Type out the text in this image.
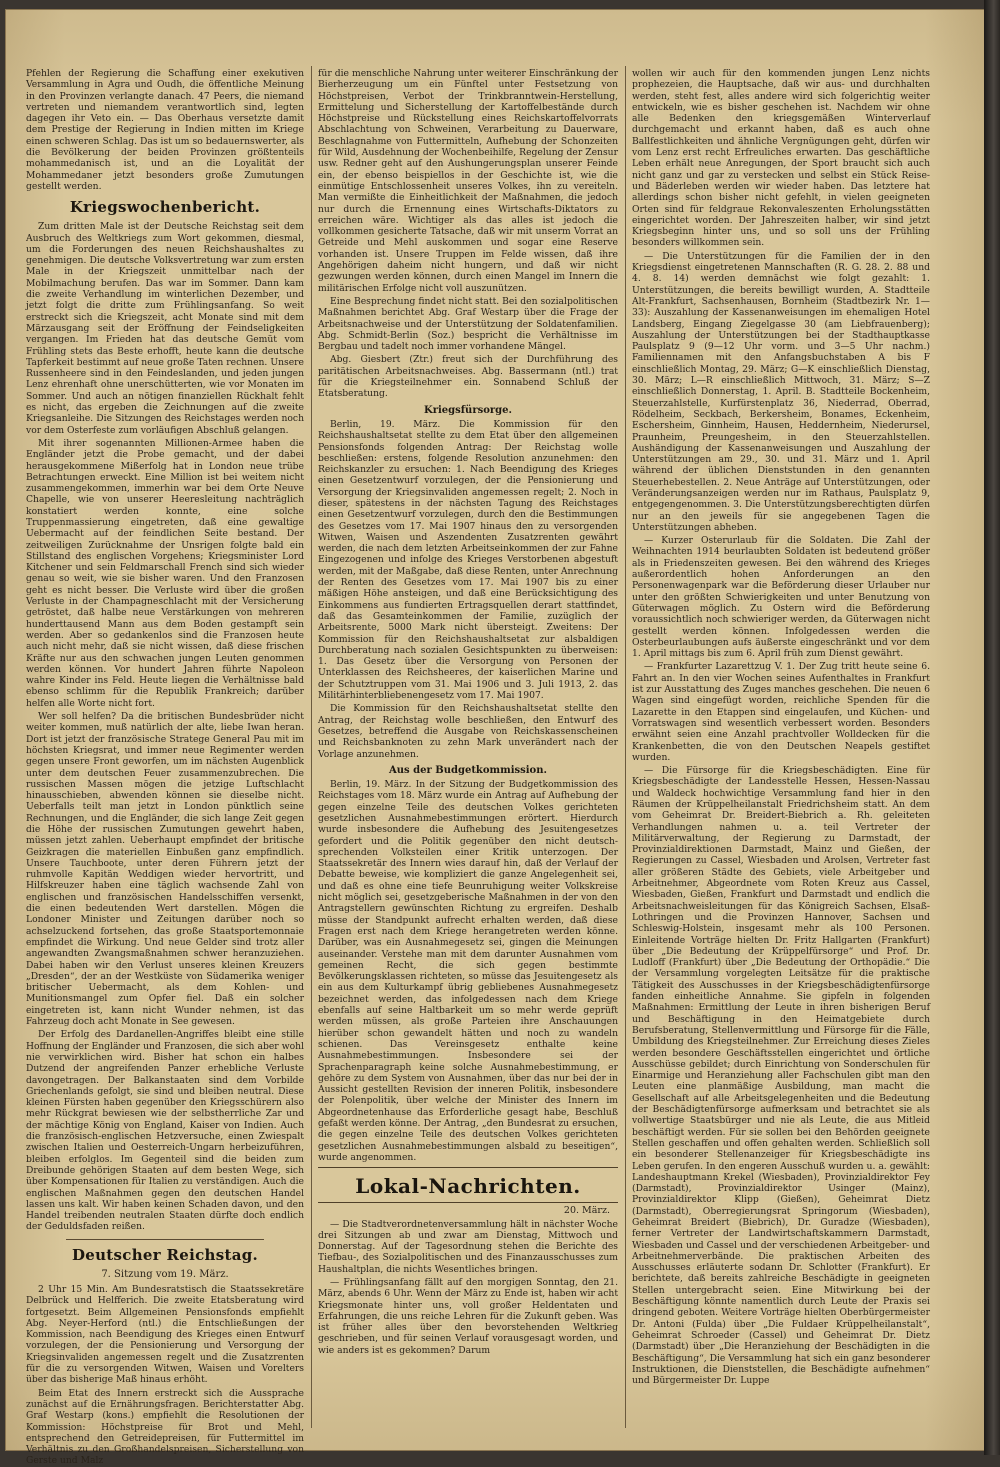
Pfehlen der Regierung die Schaffung einer exekutiven Versammlung in Agra und Oudh, die öffentliche Meinung in den Provinzen verlangte danach. 47 Peers, die niemand vertreten und niemandem verantwortlich sind, legten dagegen ihr Veto ein. — Das Oberhaus versetzte damit dem Prestige der Regierung in Indien mitten im Kriege einen schweren Schlag. Das ist um so bedauernswerter, als die Bevölkerung der beiden Provinzen größtenteils mohammedanisch ist, und an die Loyalität der Mohammedaner jetzt besonders große Zumutungen gestellt werden.

Kriegswochenbericht.

Zum dritten Male ist der Deutsche Reichstag seit dem Ausbruch des Weltkriegs zum Wort gekommen, diesmal, um die Forderungen des neuen Reichshaushaltes zu genehmigen. Die deutsche Volksvertretung war zum ersten Male in der Kriegszeit unmittelbar nach der Mobilmachung berufen. Das war im Sommer. Dann kam die zweite Verhandlung im winterlichen Dezember, und jetzt folgt die dritte zum Frühlingsanfang. So weit erstreckt sich die Kriegszeit, acht Monate sind mit dem Märzausgang seit der Eröffnung der Feindseligkeiten vergangen. Im Frieden hat das deutsche Gemüt vom Frühling stets das Beste erhofft, heute kann die deutsche Tapferkeit bestimmt auf neue große Taten rechnen. Unsere Russenheere sind in den Feindeslanden, und jeden jungen Lenz ehrenhaft ohne unerschütterten, wie vor Monaten im Sommer. Und auch an nötigen finanziellen Rückhalt fehlt es nicht, das ergeben die Zeichnungen auf die zweite Kriegsanleihe. Die Sitzungen des Reichstages werden noch vor dem Osterfeste zum vorläufigen Abschluß gelangen.

Mit ihrer sogenannten Millionen-Armee haben die Engländer jetzt die Probe gemacht, und der dabei herausgekommene Mißerfolg hat in London neue trübe Betrachtungen erweckt. Eine Million ist bei weitem nicht zusammengekommen, immerhin war bei dem Orte Neuve Chapelle, wie von unserer Heeresleitung nachträglich konstatiert werden konnte, eine solche Truppenmassierung eingetreten, daß eine gewaltige Uebermacht auf der feindlichen Seite bestand. Der zeitweiligen Zurücknahme der Unsrigen folgte bald ein Stillstand des englischen Vorgehens; Kriegsminister Lord Kitchener und sein Feldmarschall French sind sich wieder genau so weit, wie sie bisher waren. Und den Franzosen geht es nicht besser. Die Verluste wird über die großen Verluste in der Champagneschlacht mit der Versicherung getröstet, daß halbe neue Verstärkungen von mehreren hunderttausend Mann aus dem Boden gestampft sein werden. Aber so gedankenlos sind die Franzosen heute auch nicht mehr, daß sie nicht wissen, daß diese frischen Kräfte nur aus den schwachen jungen Leuten genommen werden können. Vor hundert Jahren führte Napoleon wahre Kinder ins Feld. Heute liegen die Verhältnisse bald ebenso schlimm für die Republik Frankreich; darüber helfen alle Worte nicht fort.

Wer soll helfen? Da die britischen Bundesbrüder nicht weiter kommen, muß natürlich der alte, liebe Iwan heran. Dort ist jetzt der französische Stratege General Pau mit im höchsten Kriegsrat, und immer neue Regimenter werden gegen unsere Front geworfen, um im nächsten Augenblick unter dem deutschen Feuer zusammenzubrechen. Die russischen Massen mögen die jetzige Luftschlacht hinausschieben, abwenden können sie dieselbe nicht. Ueberfalls teilt man jetzt in London pünktlich seine Rechnungen, und die Engländer, die sich lange Zeit gegen die Höhe der russischen Zumutungen gewehrt haben, müssen jetzt zahlen. Ueberhaupt empfindet der britische Geizkragen die materiellen Einbußen ganz empfindlich. Unsere Tauchboote, unter deren Führern jetzt der ruhmvolle Kapitän Weddigen wieder hervortritt, und Hilfskreuzer haben eine täglich wachsende Zahl von englischen und französischen Handelsschiffen versenkt, die einen bedeutenden Wert darstellen. Mögen die Londoner Minister und Zeitungen darüber noch so achselzuckend fortsehen, das große Staatsportemonnaie empfindet die Wirkung. Und neue Gelder sind trotz aller angewandten Zwangsmaßnahmen schwer heranzuziehen. Dabei haben wir den Verlust unseres kleinen Kreuzers „Dresden“, der an der Westküste von Südamerika weniger britischer Uebermacht, als dem Kohlen- und Munitionsmangel zum Opfer fiel. Daß ein solcher eingetreten ist, kann nicht Wunder nehmen, ist das Fahrzeug doch acht Monate in See gewesen.

Der Erfolg des Dardanellen-Angriffes bleibt eine stille Hoffnung der Engländer und Franzosen, die sich aber wohl nie verwirklichen wird. Bisher hat schon ein halbes Dutzend der angreifenden Panzer erhebliche Verluste davongetragen. Der Balkanstaaten sind dem Vorbilde Griechenlands gefolgt, sie sind und bleiben neutral. Diese kleinen Fürsten haben gegenüber den Kriegsschürern also mehr Rückgrat bewiesen wie der selbstherrliche Zar und der mächtige König von England, Kaiser von Indien. Auch die französisch-englischen Hetzversuche, einen Zwiespalt zwischen Italien und Oesterreich-Ungarn herbeizuführen, bleiben erfolglos. Im Gegenteil sind die beiden zum Dreibunde gehörigen Staaten auf dem besten Wege, sich über Kompensationen für Italien zu verständigen. Auch die englischen Maßnahmen gegen den deutschen Handel lassen uns kalt. Wir haben keinen Schaden davon, und den Handel treibenden neutralen Staaten dürfte doch endlich der Geduldsfaden reißen.

Deutscher Reichstag.
7. Sitzung vom 19. März.

2 Uhr 15 Min. Am Bundesratstisch die Staatssekretäre Delbrück und Helfferich. Die zweite Etatsberatung wird fortgesetzt. Beim Allgemeinen Pensionsfonds empfiehlt Abg. Neyer-Herford (ntl.) die Entschließungen der Kommission, nach Beendigung des Krieges einen Entwurf vorzulegen, der die Pensionierung und Versorgung der Kriegsinvaliden angemessen regelt und die Zusatzrenten für die zu versorgenden Witwen, Waisen und Vorelters über das bisherige Maß hinaus erhöht.

Beim Etat des Innern erstreckt sich die Aussprache zunächst auf die Ernährungsfragen. Berichterstatter Abg. Graf Westarp (kons.) empfiehlt die Resolutionen der Kommission: Höchstpreise für Brot und Mehl, entsprechend den Getreidepreisen, für Futtermittel im Verhältnis zu den Großhandelspreisen, Sicherstellung von Gerste und Malz

für die menschliche Nahrung unter weiterer Einschränkung der Bierherzeugung um ein Fünftel unter Festsetzung von Höchstpreisen, Verbot der Trinkbranntwein-Herstellung, Ermittelung und Sicherstellung der Kartoffelbestände durch Höchstpreise und Rückstellung eines Reichskartoffelvorrats Abschlachtung von Schweinen, Verarbeitung zu Dauerware, Beschlagnahme von Futtermitteln, Aufhebung der Schonzeiten für Wild, Ausdehnung der Wochenbeihilfe, Regelung der Zensur usw. Redner geht auf den Aushungerungsplan unserer Feinde ein, der ebenso beispiellos in der Geschichte ist, wie die einmütige Entschlossenheit unseres Volkes, ihn zu vereiteln. Man vermißte die Einheitlichkeit der Maßnahmen, die jedoch nur durch die Ernennung eines Wirtschafts-Diktators zu erreichen wäre. Wichtiger als das alles ist jedoch die vollkommen gesicherte Tatsache, daß wir mit unserm Vorrat an Getreide und Mehl auskommen und sogar eine Reserve vorhanden ist. Unsere Truppen im Felde wissen, daß ihre Angehörigen daheim nicht hungern, und daß wir nicht gezwungen werden können, durch einen Mangel im Innern die militärischen Erfolge nicht voll auszunützen.

Eine Besprechung findet nicht statt. Bei den sozialpolitischen Maßnahmen berichtet Abg. Graf Westarp über die Frage der Arbeitsnachweise und der Unterstützung der Soldatenfamilien. Abg. Schmidt-Berlin (Soz.) bespricht die Verhältnisse im Bergbau und tadelt noch immer vorhandene Mängel.

Abg. Giesbert (Ztr.) freut sich der Durchführung des paritätischen Arbeitsnachweises. Abg. Bassermann (ntl.) trat für die Kriegsteilnehmer ein. Sonnabend Schluß der Etatsberatung.

Kriegsfürsorge.

Berlin, 19. März. Die Kommission für den Reichshaushaltsetat stellte zu dem Etat über den allgemeinen Pensionsfonds folgenden Antrag: Der Reichstag wolle beschließen: erstens, folgende Resolution anzunehmen: den Reichskanzler zu ersuchen: 1. Nach Beendigung des Krieges einen Gesetzentwurf vorzulegen, der die Pensionierung und Versorgung der Kriegsinvaliden angemessen regelt; 2. Noch in dieser, spätestens in der nächsten Tagung des Reichstages einen Gesetzentwurf vorzulegen, durch den die Bestimmungen des Gesetzes vom 17. Mai 1907 hinaus den zu versorgenden Witwen, Waisen und Aszendenten Zusatzrenten gewährt werden, die nach dem letzten Arbeitseinkommen der zur Fahne Eingezogenen und infolge des Krieges Verstorbenen abgestuft werden, mit der Maßgabe, daß diese Renten, unter Anrechnung der Renten des Gesetzes vom 17. Mai 1907 bis zu einer mäßigen Höhe ansteigen, und daß eine Berücksichtigung des Einkommens aus fundierten Ertragsquellen derart stattfindet, daß das Gesamteinkommen der Familie, zuzüglich der Arbeitsrente, 5000 Mark nicht übersteigt. Zweitens: Der Kommission für den Reichshaushaltsetat zur alsbaldigen Durchberatung nach sozialen Gesichtspunkten zu überweisen: 1. Das Gesetz über die Versorgung von Personen der Unterklassen des Reichsheeres, der kaiserlichen Marine und der Schutztruppen vom 31. Mai 1906 und 3. Juli 1913, 2. das Militärhinterbliebenengesetz vom 17. Mai 1907.

Die Kommission für den Reichshaushaltsetat stellte den Antrag, der Reichstag wolle beschließen, den Entwurf des Gesetzes, betreffend die Ausgabe von Reichskassenscheinen und Reichsbanknoten zu zehn Mark unverändert nach der Vorlage anzunehmen.

Aus der Budgetkommission.

Berlin, 19. März. In der Sitzung der Budgetkommission des Reichstages vom 18. März wurde ein Antrag auf Aufhebung der gegen einzelne Teile des deutschen Volkes gerichteten gesetzlichen Ausnahmebestimmungen erörtert. Hierdurch wurde insbesondere die Aufhebung des Jesuitengesetzes gefordert und die Politik gegenüber den nicht deutsch-sprechenden Volksteilen einer Kritik unterzogen. Der Staatssekretär des Innern wies darauf hin, daß der Verlauf der Debatte beweise, wie kompliziert die ganze Angelegenheit sei, und daß es ohne eine tiefe Beunruhigung weiter Volkskreise nicht möglich sei, gesetzgeberische Maßnahmen in der von den Antragstellern gewünschten Richtung zu ergreifen. Deshalb müsse der Standpunkt aufrecht erhalten werden, daß diese Fragen erst nach dem Kriege herangetreten werden könne. Darüber, was ein Ausnahmegesetz sei, gingen die Meinungen auseinander. Verstehe man mit dem darunter Ausnahmen vom gemeinen Recht, die sich gegen bestimmte Bevölkerungsklassen richteten, so müsse das Jesuitengesetz als ein aus dem Kulturkampf übrig gebliebenes Ausnahmegesetz bezeichnet werden, das infolgedessen nach dem Kriege ebenfalls auf seine Haltbarkeit um so mehr werde geprüft werden müssen, als große Parteien ihre Anschauungen hierüber schon gewandelt hätten und noch zu wandeln schienen. Das Vereinsgesetz enthalte keine Ausnahmebestimmungen. Insbesondere sei der Sprachenparagraph keine solche Ausnahmebestimmung, er gehöre zu dem System von Ausnahmen, über das nur bei der in Aussicht gestellten Revision der inneren Politik, insbesondere der Polenpolitik, über welche der Minister des Innern im Abgeordnetenhause das Erforderliche gesagt habe, Beschluß gefaßt werden könne. Der Antrag, „den Bundesrat zu ersuchen, die gegen einzelne Teile des deutschen Volkes gerichteten gesetzlichen Ausnahmebestimmungen alsbald zu beseitigen“, wurde angenommen.

Lokal-Nachrichten.
20. März.

— Die Stadtverordnetenversammlung hält in nächster Woche drei Sitzungen ab und zwar am Dienstag, Mittwoch und Donnerstag. Auf der Tagesordnung stehen die Berichte des Tiefbau-, des Sozialpolitischen und des Finanzausschusses zum Haushaltplan, die nichts Wesentliches bringen.

— Frühlingsanfang fällt auf den morgigen Sonntag, den 21. März, abends 6 Uhr. Wenn der März zu Ende ist, haben wir acht Kriegsmonate hinter uns, voll großer Heldentaten und Erfahrungen, die uns reiche Lehren für die Zukunft geben. Was ist früher alles über den bevorstehenden Weltkrieg geschrieben, und für seinen Verlauf vorausgesagt worden, und wie anders ist es gekommen? Darum

wollen wir auch für den kommenden jungen Lenz nichts prophezeien, die Hauptsache, daß wir aus- und durchhalten werden, steht fest, alles andere wird sich folgerichtig weiter entwickeln, wie es bisher geschehen ist. Nachdem wir ohne alle Bedenken den kriegsgemäßen Winterverlauf durchgemacht und erkannt haben, daß es auch ohne Ballfestlichkeiten und ähnliche Vergnügungen geht, dürfen wir vom Lenz erst recht Erfreuliches erwarten. Das geschäftliche Leben erhält neue Anregungen, der Sport braucht sich auch nicht ganz und gar zu verstecken und selbst ein Stück Reise- und Bäderleben werden wir wieder haben. Das letztere hat allerdings schon bisher nicht gefehlt, in vielen geeigneten Orten sind für feldgraue Rekonvaleszenten Erholungsstätten eingerichtet worden. Der Jahreszeiten halber, wir sind jetzt Kriegsbeginn hinter uns, und so soll uns der Frühling besonders willkommen sein.

— Die Unterstützungen für die Familien der in den Kriegsdienst eingetretenen Mannschaften (R. G. 28. 2. 88 und 4. 8. 14) werden demnächst wie folgt gezahlt: 1. Unterstützungen, die bereits bewilligt wurden, A. Stadtteile Alt-Frankfurt, Sachsenhausen, Bornheim (Stadtbezirk Nr. 1—33): Auszahlung der Kassenanweisungen im ehemaligen Hotel Landsberg, Eingang Ziegelgasse 30 (am Liebfrauenberg); Auszahlung der Unterstützungen bei der Stadthauptkasse Paulsplatz 9 (9—12 Uhr vorm. und 3—5 Uhr nachm.) Familiennamen mit den Anfangsbuchstaben A bis F einschließlich Montag, 29. März; G—K einschließlich Dienstag, 30. März; L—R einschließlich Mittwoch, 31. März; S—Z einschließlich Donnerstag, 1. April. B. Stadtteile Bockenheim, Steuerzahlstelle, Kurfürstenplatz 36, Niederrad, Oberrad, Rödelheim, Seckbach, Berkersheim, Bonames, Eckenheim, Eschersheim, Ginnheim, Hausen, Heddernheim, Niederursel, Praunheim, Preungesheim, in den Steuerzahlstellen. Aushändigung der Kassenanweisungen und Auszahlung der Unterstützungen am 29., 30. und 31. März und 1. April während der üblichen Dienststunden in den genannten Steuerhebestellen. 2. Neue Anträge auf Unterstützungen, oder Veränderungsanzeigen werden nur im Rathaus, Paulsplatz 9, entgegengenommen. 3. Die Unterstützungsberechtigten dürfen nur an den jeweils für sie angegebenen Tagen die Unterstützungen abheben.

— Kurzer Osterurlaub für die Soldaten. Die Zahl der Weihnachten 1914 beurlaubten Soldaten ist bedeutend größer als in Friedenszeiten gewesen. Bei den während des Krieges außerordentlich hohen Anforderungen an den Personenwagenpark war die Beförderung dieser Urlauber nur unter den größten Schwierigkeiten und unter Benutzung von Güterwagen möglich. Zu Ostern wird die Beförderung voraussichtlich noch schwieriger werden, da Güterwagen nicht gestellt werden können. Infolgedessen werden die Osterbeurlaubungen aufs äußerste eingeschränkt und vor dem 1. April mittags bis zum 6. April früh zum Dienst gewährt.

— Frankfurter Lazarettzug V. 1. Der Zug tritt heute seine 6. Fahrt an. In den vier Wochen seines Aufenthaltes in Frankfurt ist zur Ausstattung des Zuges manches geschehen. Die neuen 6 Wagen sind eingefügt worden, reichliche Spenden für die Lazarette in den Etappen sind eingelaufen, und Küchen- und Vorratswagen sind wesentlich verbessert worden. Besonders erwähnt seien eine Anzahl prachtvoller Wolldecken für die Krankenbetten, die von den Deutschen Neapels gestiftet wurden.

— Die Fürsorge für die Kriegsbeschädigten. Eine für Kriegsbeschädigte der Landesstelle Hessen, Hessen-Nassau und Waldeck hochwichtige Versammlung fand hier in den Räumen der Krüppelheilanstalt Friedrichsheim statt. An dem vom Geheimrat Dr. Breidert-Biebrich a. Rh. geleiteten Verhandlungen nahmen u. a. teil Vertreter der Militärverwaltung, der Regierung zu Darmstadt, der Provinzialdirektionen Darmstadt, Mainz und Gießen, der Regierungen zu Cassel, Wiesbaden und Arolsen, Vertreter fast aller größeren Städte des Gebiets, viele Arbeitgeber und Arbeitnehmer, Abgeordnete vom Roten Kreuz aus Cassel, Wiesbaden, Gießen, Frankfurt und Darmstadt und endlich die Arbeitsnachweisleitungen für das Königreich Sachsen, Elsaß-Lothringen und die Provinzen Hannover, Sachsen und Schleswig-Holstein, insgesamt mehr als 100 Personen. Einleitende Vorträge hielten Dr. Fritz Hallgarten (Frankfurt) über „Die Bedeutung der Krüppelfürsorge“ und Prof. Dr. Ludloff (Frankfurt) über „Die Bedeutung der Orthopädie.“ Die der Versammlung vorgelegten Leitsätze für die praktische Tätigkeit des Ausschusses in der Kriegsbeschädigtenfürsorge fanden einheitliche Annahme. Sie gipfeln in folgenden Maßnahmen: Ermittlung der Leute in ihren bisherigen Beruf und Beschäftigung in den Heimatgebiete durch Berufsberatung, Stellenvermittlung und Fürsorge für die Fälle, Umbildung des Kriegsteilnehmer. Zur Erreichung dieses Zieles werden besondere Geschäftsstellen eingerichtet und örtliche Ausschüsse gebildet; durch Einrichtung von Sonderschulen für Einarmige und Heranziehung aller Fachschulen gibt man den Leuten eine planmäßige Ausbildung, man macht die Gesellschaft auf alle Arbeitsgelegenheiten und die Bedeutung der Beschädigtenfürsorge aufmerksam und betrachtet sie als vollwertige Staatsbürger und nie als Leute, die aus Mitleid beschäftigt werden. Für sie sollen bei den Behörden geeignete Stellen geschaffen und offen gehalten werden. Schließlich soll ein besonderer Stellenanzeiger für Kriegsbeschädigte ins Leben gerufen. In den engeren Ausschuß wurden u. a. gewählt: Landeshauptmann Krekel (Wiesbaden), Provinzialdirektor Fey (Darmstadt), Provinzialdirektor Usinger (Mainz), Provinzialdirektor Klipp (Gießen), Geheimrat Dietz (Darmstadt), Oberregierungsrat Springorum (Wiesbaden), Geheimrat Breidert (Biebrich), Dr. Guradze (Wiesbaden), ferner Vertreter der Landwirtschaftskammern Darmstadt, Wiesbaden und Cassel und der verschiedenen Arbeitgeber- und Arbeitnehmerverbände. Die praktischen Arbeiten des Ausschusses erläuterte sodann Dr. Schlotter (Frankfurt). Er berichtete, daß bereits zahlreiche Beschädigte in geeigneten Stellen untergebracht seien. Eine Mitwirkung bei der Beschäftigung könnte namentlich durch Leute der Praxis sei dringend geboten. Weitere Vorträge hielten Oberbürgermeister Dr. Antoni (Fulda) über „Die Fuldaer Krüppelheilanstalt“, Geheimrat Schroeder (Cassel) und Geheimrat Dr. Dietz (Darmstadt) über „Die Heranziehung der Beschädigten in die Beschäftigung“, Die Versammlung hat sich ein ganz besonderer Instruktionen, die Dienststellen, die Beschädigte aufnehmen“ und Bürgermeister Dr. Luppe
